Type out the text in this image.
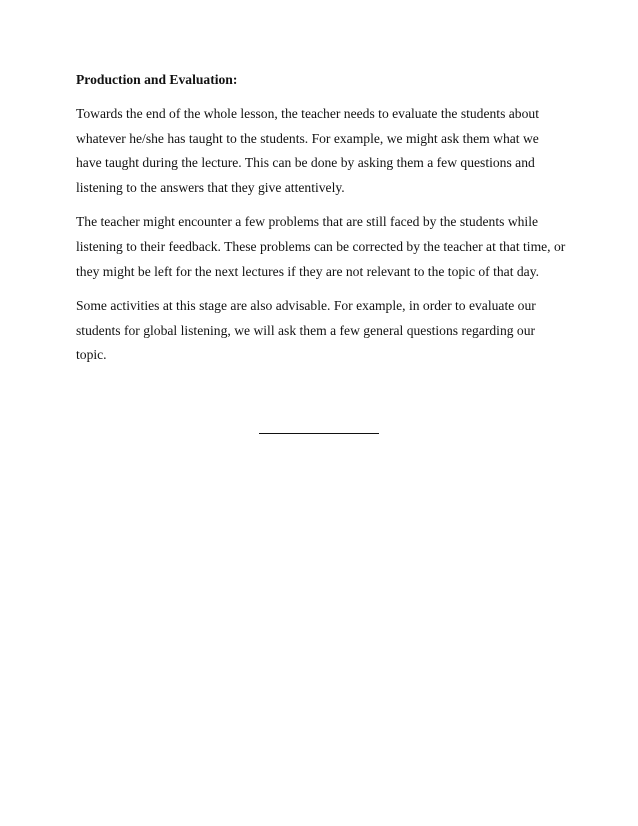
Production and Evaluation:

Towards the end of the whole lesson, the teacher needs to evaluate the students about whatever he/she has taught to the students. For example, we might ask them what we have taught during the lecture. This can be done by asking them a few questions and listening to the answers that they give attentively.

The teacher might encounter a few problems that are still faced by the students while listening to their feedback. These problems can be corrected by the teacher at that time, or they might be left for the next lectures if they are not relevant to the topic of that day.

Some activities at this stage are also advisable. For example, in order to evaluate our students for global listening, we will ask them a few general questions regarding our topic.
